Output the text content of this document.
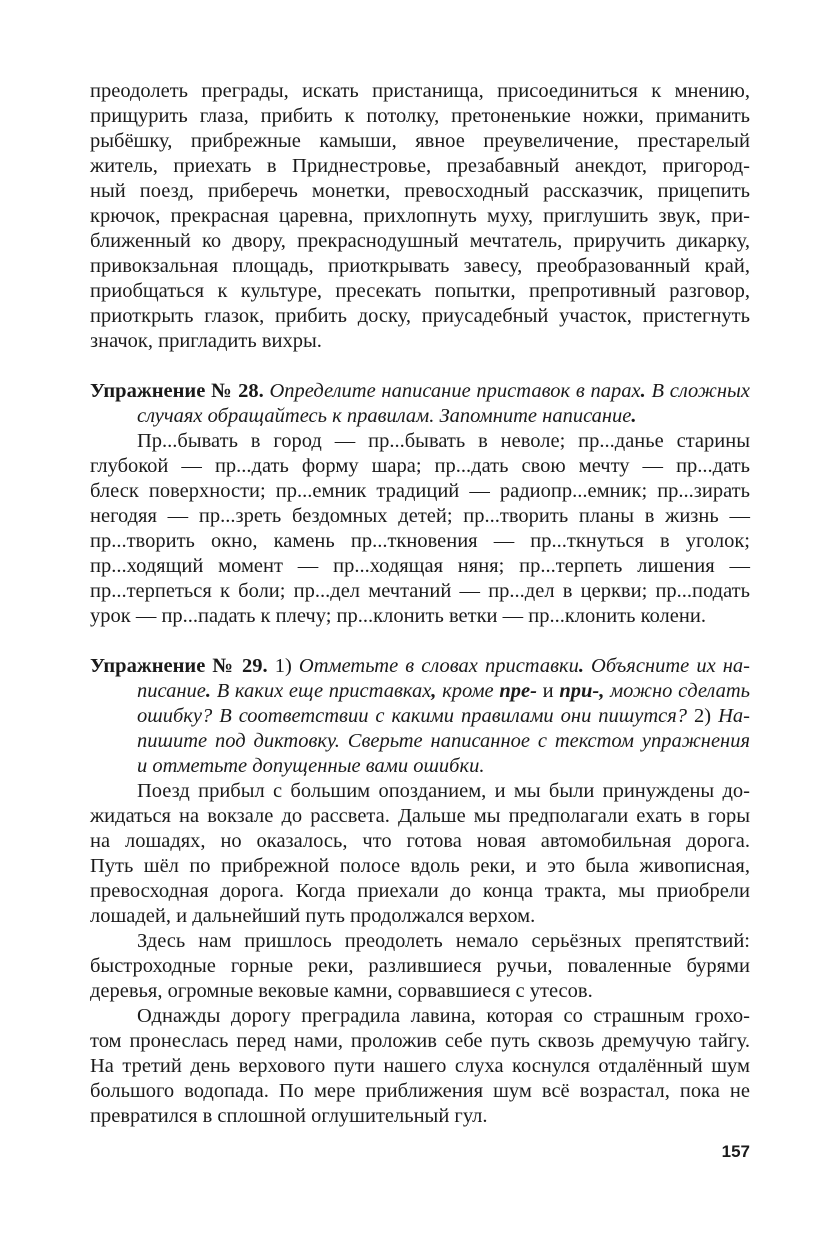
преодолеть преграды, искать пристанища, присоединиться к мнению,
прищурить глаза, прибить к потолку, претоненькие ножки, приманить
рыбёшку, прибрежные камыши, явное преувеличение, престарелый
житель, приехать в Приднестровье, презабавный анекдот, пригород-
ный поезд, приберечь монетки, превосходный рассказчик, прицепить
крючок, прекрасная царевна, прихлопнуть муху, приглушить звук, при-
ближенный ко двору, прекраснодушный мечтатель, приручить дикарку,
привокзальная площадь, приоткрывать завесу, преобразованный край,
приобщаться к культуре, пресекать попытки, препротивный разговор,
приоткрыть глазок, прибить доску, приусадебный участок, пристегнуть
значок, пригладить вихры.
Упражнение № 28. Определите написание приставок в парах. В сложных
случаях обращайтесь к правилам. Запомните написание.
Пр...бывать в город — пр...бывать в неволе; пр...данье старины
глубокой — пр...дать форму шара; пр...дать свою мечту — пр...дать
блеск поверхности; пр...емник традиций — радиопр...емник; пр...зирать
негодяя — пр...зреть бездомных детей; пр...творить планы в жизнь —
пр...творить окно, камень пр...ткновения — пр...ткнуться в уголок;
пр...ходящий момент — пр...ходящая няня; пр...терпеть лишения —
пр...терпеться к боли; пр...дел мечтаний — пр...дел в церкви; пр...подать
урок — пр...падать к плечу; пр...клонить ветки — пр...клонить колени.
Упражнение № 29. 1) Отметьте в словах приставки. Объясните их на-
писание. В каких еще приставках, кроме пре- и при-, можно сделать
ошибку? В соответствии с какими правилами они пишутся? 2) На-
пишите под диктовку. Сверьте написанное с текстом упражнения
и отметьте допущенные вами ошибки.
Поезд прибыл с большим опозданием, и мы были принуждены до-
жидаться на вокзале до рассвета. Дальше мы предполагали ехать в горы
на лошадях, но оказалось, что готова новая автомобильная дорога.
Путь шёл по прибрежной полосе вдоль реки, и это была живописная,
превосходная дорога. Когда приехали до конца тракта, мы приобрели
лошадей, и дальнейший путь продолжался верхом.
Здесь нам пришлось преодолеть немало серьёзных препятствий:
быстроходные горные реки, разлившиеся ручьи, поваленные бурями
деревья, огромные вековые камни, сорвавшиеся с утесов.
Однажды дорогу преградила лавина, которая со страшным грохо-
том пронеслась перед нами, проложив себе путь сквозь дремучую тайгу.
На третий день верхового пути нашего слуха коснулся отдалённый шум
большого водопада. По мере приближения шум всё возрастал, пока не
превратился в сплошной оглушительный гул.
157
